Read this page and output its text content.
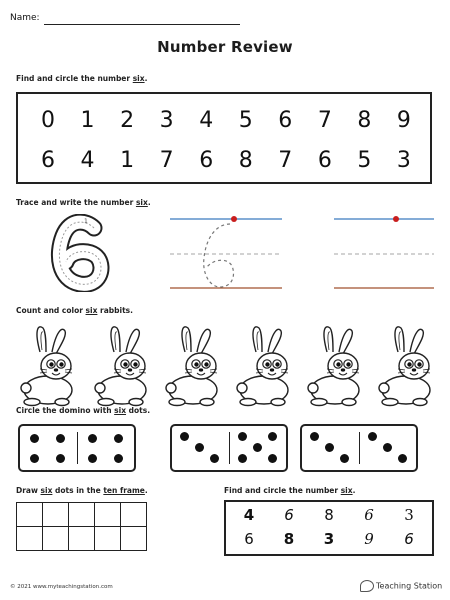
Name:
Number Review
Find and circle the number six.
0	1	2	3	4	5	6	7	8	9
6	4	1	7	6	8	7	6	5	3
Trace and write the number six.
1
Count and color six rabbits.
Circle the domino with six dots.
Draw six dots in the ten frame.

					Find and circle the number six.
4	6	8	6	3
6	8	3	9	6
© 2021 www.myteachingstation.com	Teaching Station
